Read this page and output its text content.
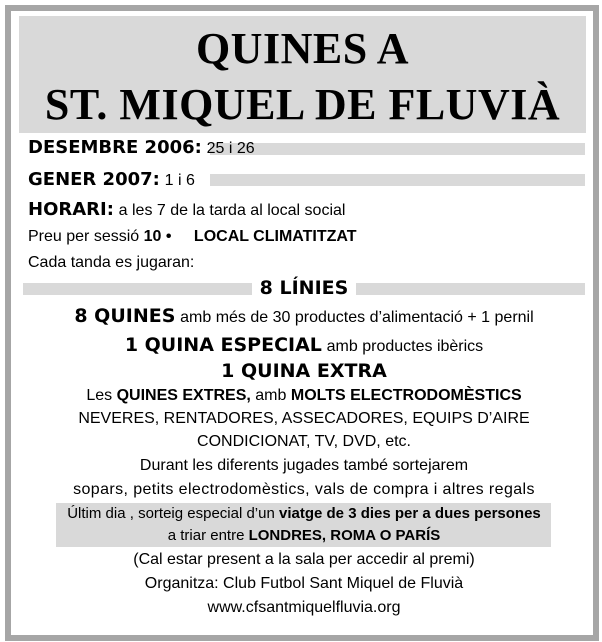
QUINES A
ST. MIQUEL DE FLUVIÀ
DESEMBRE 2006: 25 i 26
GENER 2007: 1 i 6
HORARI: a les 7 de la tarda al local social
Preu per sessió 10 • LOCAL CLIMATITZAT
Cada tanda es jugaran:
8 LÍNIES
8 QUINES amb més de 30 productes d’alimentació + 1 pernil
1 QUINA ESPECIAL amb productes ibèrics
1 QUINA EXTRA
Les QUINES EXTRES, amb MOLTS ELECTRODOMÈSTICS
NEVERES, RENTADORES, ASSECADORES, EQUIPS D’AIRE
CONDICIONAT, TV, DVD, etc.
Durant les diferents jugades també sortejarem
sopars, petits electrodomèstics, vals de compra i altres regals
Últim dia , sorteig especial d’un viatge de 3 dies per a dues persones
a triar entre LONDRES, ROMA O PARÍS
(Cal estar present a la sala per accedir al premi)
Organitza: Club Futbol Sant Miquel de Fluvià
www.cfsantmiquelfluvia.org
